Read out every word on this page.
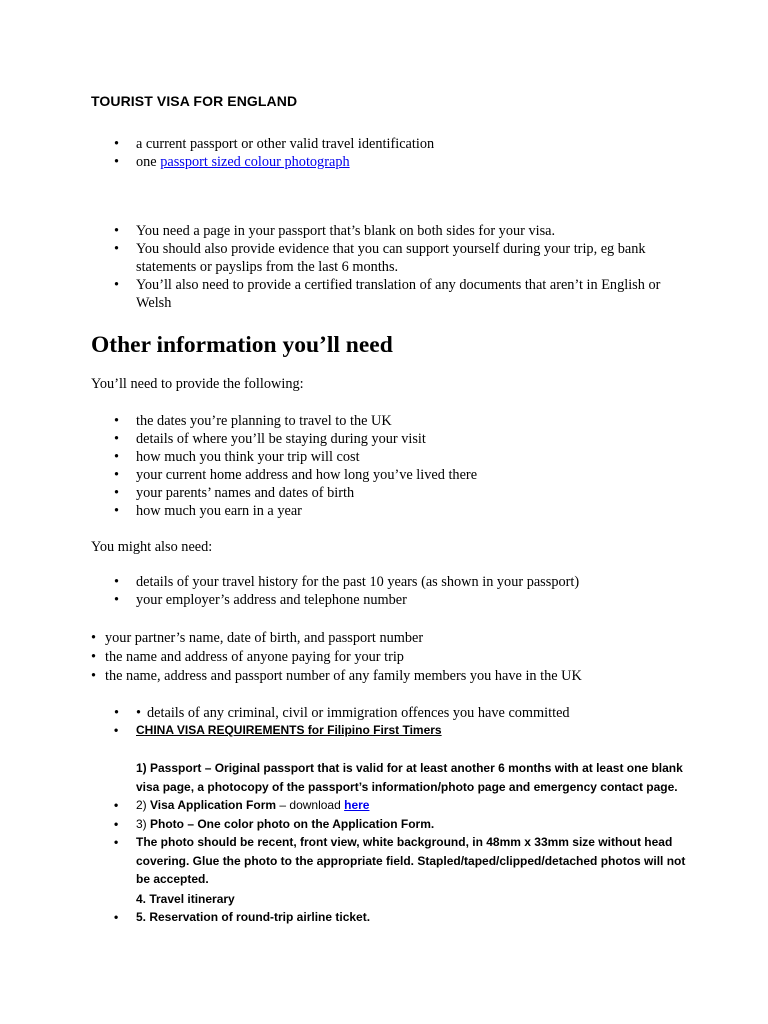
TOURIST VISA FOR ENGLAND
• a current passport or other valid travel identification
• one passport sized colour photograph
• You need a page in your passport that’s blank on both sides for your visa.
• You should also provide evidence that you can support yourself during your trip, eg bank statements or payslips from the last 6 months.
• You’ll also need to provide a certified translation of any documents that aren’t in English or Welsh
Other information you’ll need

You’ll need to provide the following:

• the dates you’re planning to travel to the UK
• details of where you’ll be staying during your visit
• how much you think your trip will cost
• your current home address and how long you’ve lived there
• your parents’ names and dates of birth
• how much you earn in a year

You might also need:

• details of your travel history for the past 10 years (as shown in your passport)
• your employer’s address and telephone number
• your partner’s name, date of birth, and passport number
• the name and address of anyone paying for your trip
• the name, address and passport number of any family members you have in the UK
• • details of any criminal, civil or immigration offences you have committed
• CHINA VISA REQUIREMENTS for Filipino First Timers
1) Passport – Original passport that is valid for at least another 6 months with at least one blank visa page, a photocopy of the passport’s information/photo page and emergency contact page.
• 2) Visa Application Form – download here
• 3) Photo – One color photo on the Application Form.
• The photo should be recent, front view, white background, in 48mm x 33mm size without head covering. Glue the photo to the appropriate field. Stapled/taped/clipped/detached photos will not be accepted.
4. Travel itinerary
• 5. Reservation of round-trip airline ticket.
